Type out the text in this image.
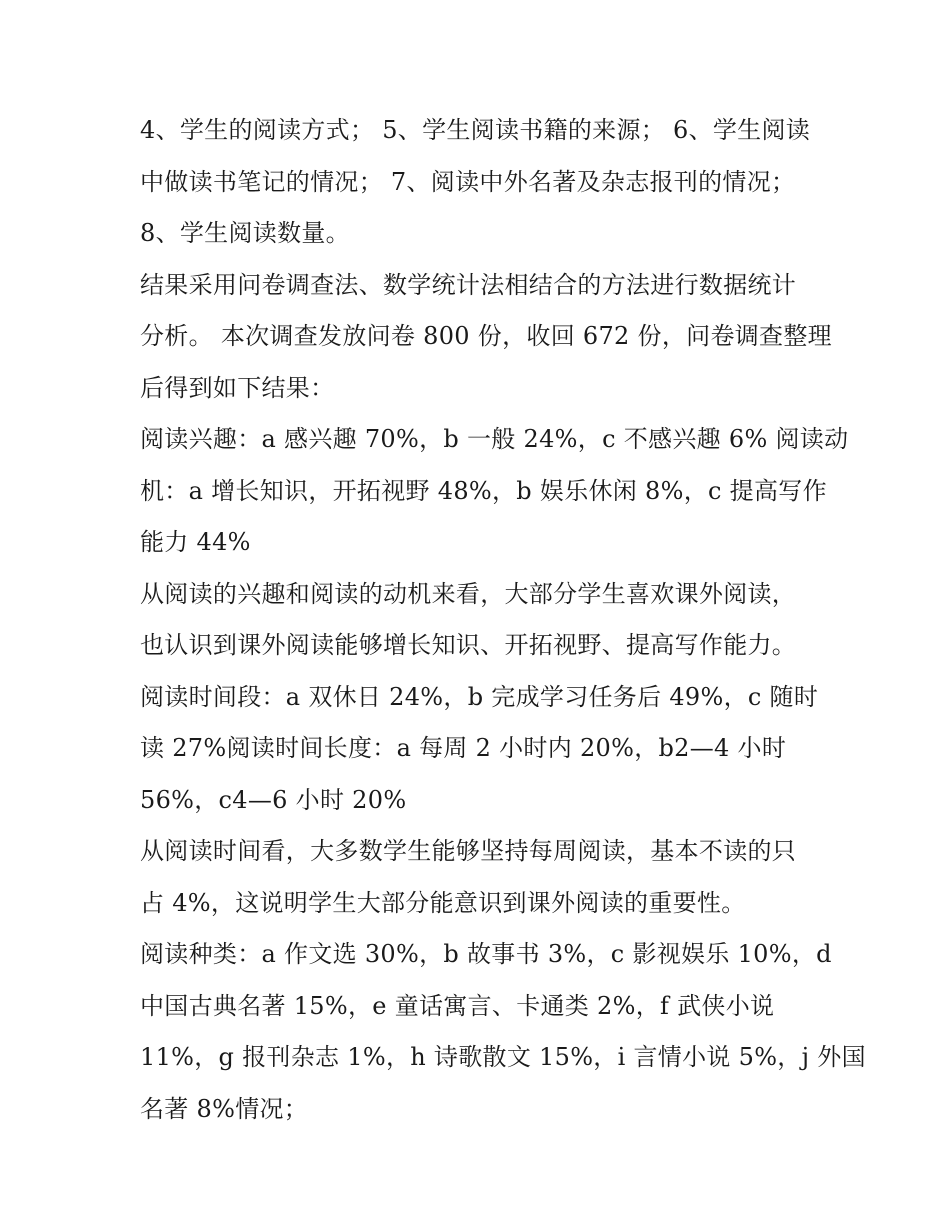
4、学生的阅读方式； 5、学生阅读书籍的来源； 6、学生阅读
中做读书笔记的情况； 7、阅读中外名著及杂志报刊的情况；
8、学生阅读数量。
结果采用问卷调查法、数学统计法相结合的方法进行数据统计
分析。 本次调查发放问卷 800 份，收回 672 份，问卷调查整理
后得到如下结果：
阅读兴趣：a 感兴趣 70%，b 一般 24%，c 不感兴趣 6% 阅读动
机：a 增长知识，开拓视野 48%，b 娱乐休闲 8%，c 提高写作
能力 44%
从阅读的兴趣和阅读的动机来看，大部分学生喜欢课外阅读，
也认识到课外阅读能够增长知识、开拓视野、提高写作能力。
阅读时间段：a 双休日 24%，b 完成学习任务后 49%，c 随时
读 27%阅读时间长度：a 每周 2 小时内 20%，b2—4 小时
56%，c4—6 小时 20%
从阅读时间看，大多数学生能够坚持每周阅读，基本不读的只
占 4%，这说明学生大部分能意识到课外阅读的重要性。
阅读种类：a 作文选 30%，b 故事书 3%，c 影视娱乐 10%，d
中国古典名著 15%，e 童话寓言、卡通类 2%，f 武侠小说
11%，g 报刊杂志 1%，h 诗歌散文 15%，i 言情小说 5%，j 外国
名著 8%情况；
